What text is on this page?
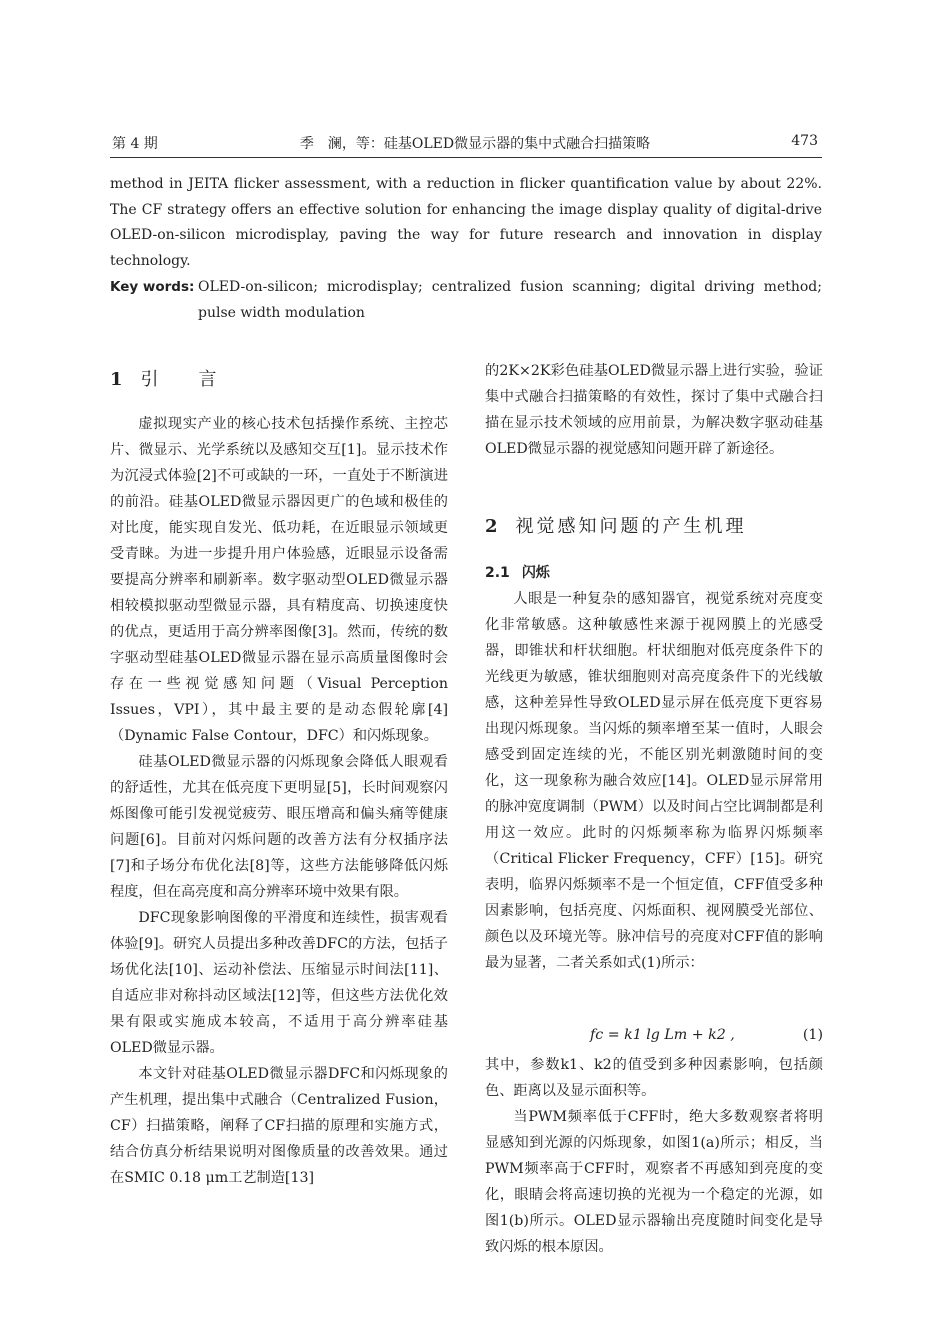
第 4 期	季　澜，等：硅基OLED微显示器的集中式融合扫描策略	473

method in JEITA flicker assessment, with a reduction in flicker quantification value by about 22%. The CF strategy offers an effective solution for enhancing the image display quality of digital-drive OLED-on-silicon microdisplay, paving the way for future research and innovation in display technology.

Key words: OLED-on-silicon; microdisplay; centralized fusion scanning; digital driving method; pulse width modulation
1 引言

虚拟现实产业的核心技术包括操作系统、主控芯片、微显示、光学系统以及感知交互[1]。显示技术作为沉浸式体验[2]不可或缺的一环，一直处于不断演进的前沿。硅基OLED微显示器因更广的色域和极佳的对比度，能实现自发光、低功耗，在近眼显示领域更受青睐。为进一步提升用户体验感，近眼显示设备需要提高分辨率和刷新率。数字驱动型OLED微显示器相较模拟驱动型微显示器，具有精度高、切换速度快的优点，更适用于高分辨率图像[3]。然而，传统的数字驱动型硅基OLED微显示器在显示高质量图像时会存在一些视觉感知问题（Visual Perception Issues，VPI），其中最主要的是动态假轮廓[4]（Dynamic False Contour，DFC）和闪烁现象。

硅基OLED微显示器的闪烁现象会降低人眼观看的舒适性，尤其在低亮度下更明显[5]，长时间观察闪烁图像可能引发视觉疲劳、眼压增高和偏头痛等健康问题[6]。目前对闪烁问题的改善方法有分权插序法[7]和子场分布优化法[8]等，这些方法能够降低闪烁程度，但在高亮度和高分辨率环境中效果有限。

DFC现象影响图像的平滑度和连续性，损害观看体验[9]。研究人员提出多种改善DFC的方法，包括子场优化法[10]、运动补偿法、压缩显示时间法[11]、自适应非对称抖动区域法[12]等，但这些方法优化效果有限或实施成本较高，不适用于高分辨率硅基OLED微显示器。

本文针对硅基OLED微显示器DFC和闪烁现象的产生机理，提出集中式融合（Centralized Fusion，CF）扫描策略，阐释了CF扫描的原理和实施方式，结合仿真分析结果说明对图像质量的改善效果。通过在SMIC 0.18 μm工艺制造[13]

的2K×2K彩色硅基OLED微显示器上进行实验，验证集中式融合扫描策略的有效性，探讨了集中式融合扫描在显示技术领域的应用前景，为解决数字驱动硅基OLED微显示器的视觉感知问题开辟了新途径。

2 视觉感知问题的产生机理
2.1 闪烁

人眼是一种复杂的感知器官，视觉系统对亮度变化非常敏感。这种敏感性来源于视网膜上的光感受器，即锥状和杆状细胞。杆状细胞对低亮度条件下的光线更为敏感，锥状细胞则对高亮度条件下的光线敏感，这种差异性导致OLED显示屏在低亮度下更容易出现闪烁现象。当闪烁的频率增至某一值时，人眼会感受到固定连续的光，不能区别光刺激随时间的变化，这一现象称为融合效应[14]。OLED显示屏常用的脉冲宽度调制（PWM）以及时间占空比调制都是利用这一效应。此时的闪烁频率称为临界闪烁频率（Critical Flicker Frequency，CFF）[15]。研究表明，临界闪烁频率不是一个恒定值，CFF值受多种因素影响，包括亮度、闪烁面积、视网膜受光部位、颜色以及环境光等。脉冲信号的亮度对CFF值的影响最为显著，二者关系如式(1)所示：

fc = k1 lg Lm + k2 ,	(1)

其中，参数k1、k2的值受到多种因素影响，包括颜色、距离以及显示面积等。

当PWM频率低于CFF时，绝大多数观察者将明显感知到光源的闪烁现象，如图1(a)所示；相反，当PWM频率高于CFF时，观察者不再感知到亮度的变化，眼睛会将高速切换的光视为一个稳定的光源，如图1(b)所示。OLED显示器输出亮度随时间变化是导致闪烁的根本原因。
